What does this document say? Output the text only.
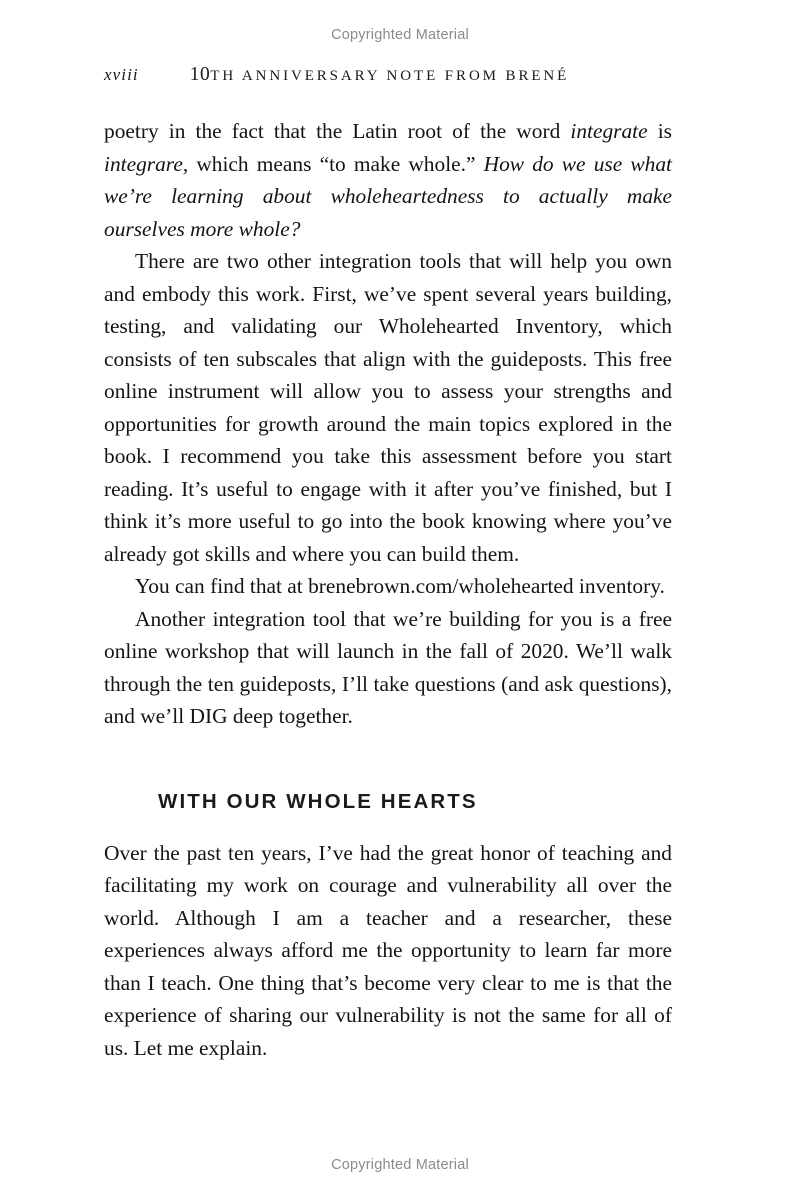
Copyrighted Material
xviii	10TH ANNIVERSARY NOTE FROM BRENÉ

poetry in the fact that the Latin root of the word integrate is integrare, which means “to make whole.” How do we use what we’re learning about wholeheartedness to actually make ourselves more whole?

There are two other integration tools that will help you own and embody this work. First, we’ve spent several years building, testing, and validating our Wholehearted Inventory, which consists of ten subscales that align with the guideposts. This free online instrument will allow you to assess your strengths and opportunities for growth around the main topics explored in the book. I recommend you take this assessment before you start reading. It’s useful to engage with it after you’ve finished, but I think it’s more useful to go into the book knowing where you’ve already got skills and where you can build them.

You can find that at brenebrown.com/wholehearted inventory.

Another integration tool that we’re building for you is a free online workshop that will launch in the fall of 2020. We’ll walk through the ten guideposts, I’ll take questions (and ask questions), and we’ll DIG deep together.

WITH OUR WHOLE HEARTS

Over the past ten years, I’ve had the great honor of teaching and facilitating my work on courage and vulnerability all over the world. Although I am a teacher and a researcher, these experiences always afford me the opportunity to learn far more than I teach. One thing that’s become very clear to me is that the experience of sharing our vulnerability is not the same for all of us. Let me explain.

Copyrighted Material
